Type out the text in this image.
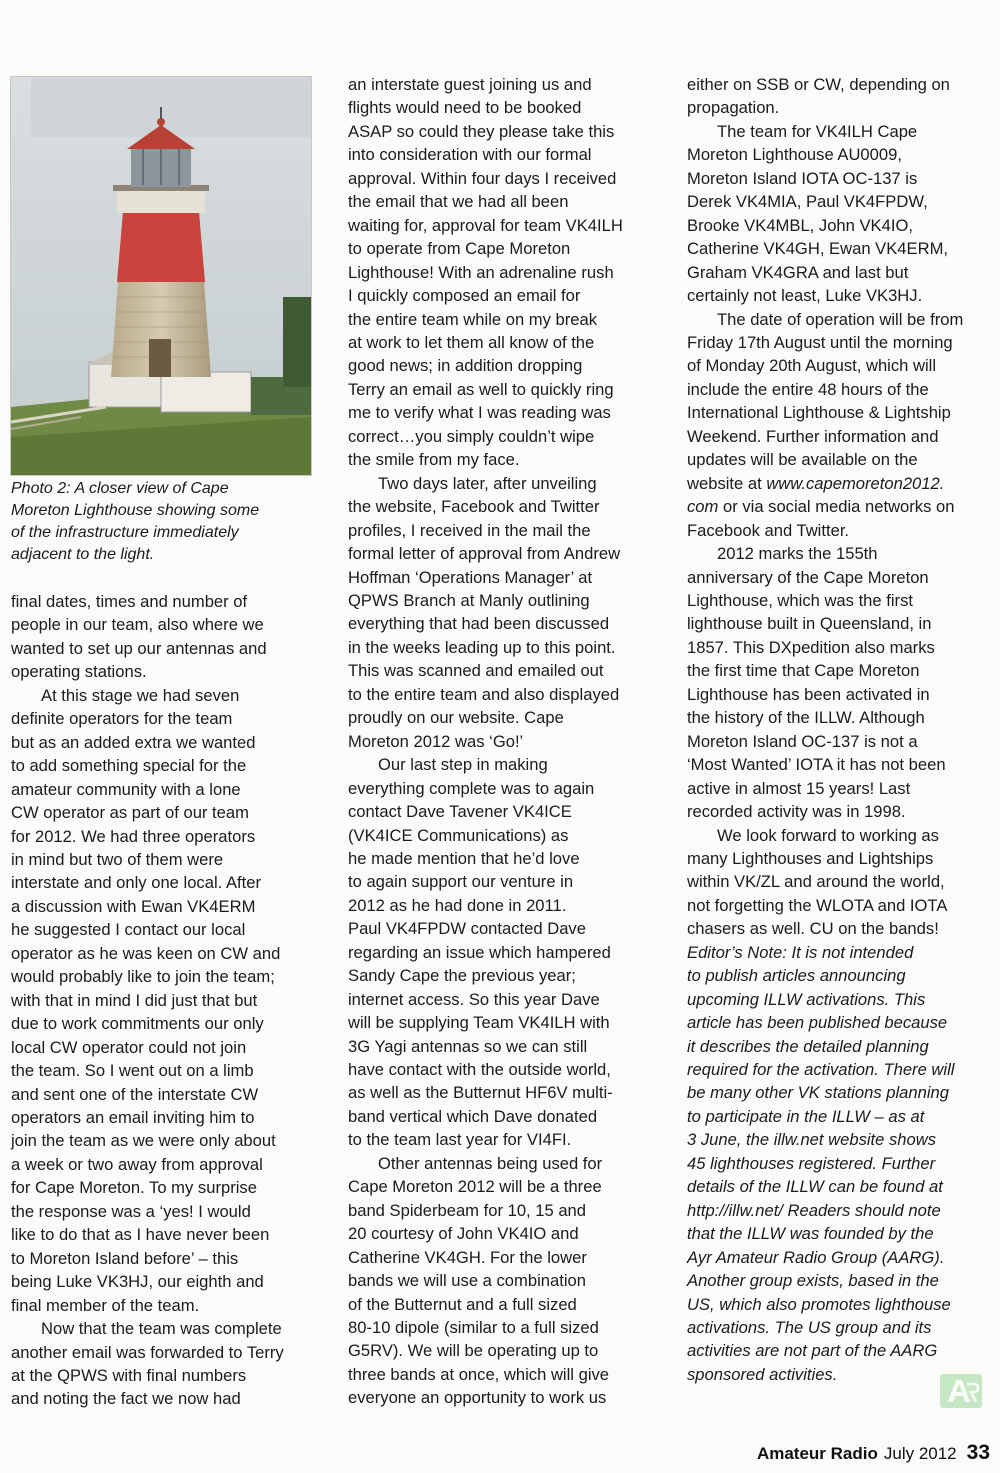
Photo 2: A closer view of Cape
Moreton Lighthouse showing some
of the infrastructure immediately
adjacent to the light.

final dates, times and number of
people in our team, also where we
wanted to set up our antennas and
operating stations.

At this stage we had seven
definite operators for the team
but as an added extra we wanted
to add something special for the
amateur community with a lone
CW operator as part of our team
for 2012. We had three operators
in mind but two of them were
interstate and only one local. After
a discussion with Ewan VK4ERM
he suggested I contact our local
operator as he was keen on CW and
would probably like to join the team;
with that in mind I did just that but
due to work commitments our only
local CW operator could not join
the team. So I went out on a limb
and sent one of the interstate CW
operators an email inviting him to
join the team as we were only about
a week or two away from approval
for Cape Moreton. To my surprise
the response was a ‘yes! I would
like to do that as I have never been
to Moreton Island before’ – this
being Luke VK3HJ, our eighth and
final member of the team.

Now that the team was complete
another email was forwarded to Terry
at the QPWS with final numbers
and noting the fact we now had

an interstate guest joining us and
flights would need to be booked
ASAP so could they please take this
into consideration with our formal
approval. Within four days I received
the email that we had all been
waiting for, approval for team VK4ILH
to operate from Cape Moreton
Lighthouse! With an adrenaline rush
I quickly composed an email for
the entire team while on my break
at work to let them all know of the
good news; in addition dropping
Terry an email as well to quickly ring
me to verify what I was reading was
correct…you simply couldn’t wipe
the smile from my face.

Two days later, after unveiling
the website, Facebook and Twitter
profiles, I received in the mail the
formal letter of approval from Andrew
Hoffman ‘Operations Manager’ at
QPWS Branch at Manly outlining
everything that had been discussed
in the weeks leading up to this point.
This was scanned and emailed out
to the entire team and also displayed
proudly on our website. Cape
Moreton 2012 was ‘Go!’

Our last step in making
everything complete was to again
contact Dave Tavener VK4ICE
(VK4ICE Communications) as
he made mention that he’d love
to again support our venture in
2012 as he had done in 2011.
Paul VK4FPDW contacted Dave
regarding an issue which hampered
Sandy Cape the previous year;
internet access. So this year Dave
will be supplying Team VK4ILH with
3G Yagi antennas so we can still
have contact with the outside world,
as well as the Butternut HF6V multi-
band vertical which Dave donated
to the team last year for VI4FI.

Other antennas being used for
Cape Moreton 2012 will be a three
band Spiderbeam for 10, 15 and
20 courtesy of John VK4IO and
Catherine VK4GH. For the lower
bands we will use a combination
of the Butternut and a full sized
80-10 dipole (similar to a full sized
G5RV). We will be operating up to
three bands at once, which will give
everyone an opportunity to work us

either on SSB or CW, depending on
propagation.

The team for VK4ILH Cape
Moreton Lighthouse AU0009,
Moreton Island IOTA OC-137 is
Derek VK4MIA, Paul VK4FPDW,
Brooke VK4MBL, John VK4IO,
Catherine VK4GH, Ewan VK4ERM,
Graham VK4GRA and last but
certainly not least, Luke VK3HJ.

The date of operation will be from
Friday 17th August until the morning
of Monday 20th August, which will
include the entire 48 hours of the
International Lighthouse & Lightship
Weekend. Further information and
updates will be available on the
website at www.capemoreton2012.
com or via social media networks on
Facebook and Twitter.

2012 marks the 155th
anniversary of the Cape Moreton
Lighthouse, which was the first
lighthouse built in Queensland, in
1857. This DXpedition also marks
the first time that Cape Moreton
Lighthouse has been activated in
the history of the ILLW. Although
Moreton Island OC-137 is not a
‘Most Wanted’ IOTA it has not been
active in almost 15 years! Last
recorded activity was in 1998.

We look forward to working as
many Lighthouses and Lightships
within VK/ZL and around the world,
not forgetting the WLOTA and IOTA
chasers as well. CU on the bands!

Editor’s Note: It is not intended
to publish articles announcing
upcoming ILLW activations. This
article has been published because
it describes the detailed planning
required for the activation. There will
be many other VK stations planning
to participate in the ILLW – as at
3 June, the illw.net website shows
45 lighthouses registered. Further
details of the ILLW can be found at
http://illw.net/ Readers should note
that the ILLW was founded by the
Ayr Amateur Radio Group (AARG).
Another group exists, based in the
US, which also promotes lighthouse
activations. The US group and its
activities are not part of the AARG
sponsored activities.

Amateur Radio July 2012 33
